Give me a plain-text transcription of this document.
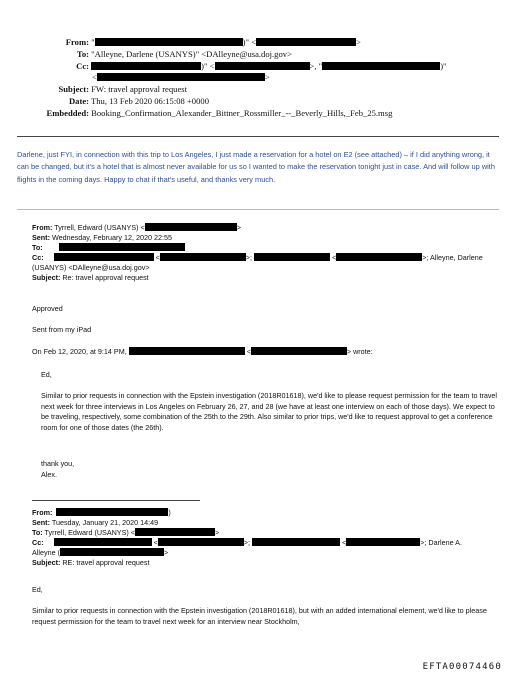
From: "	)" <	>
To: "Alleyne, Darlene (USANYS)" <DAlleyne@usa.doj.gov>
Cc:	)" <	>, "	)"
<	>
Subject: FW: travel approval request
Date: Thu, 13 Feb 2020 06:15:08 +0000
Embedded: Booking_Confirmation_Alexander_Bittner_Rossmiller_--_Beverly_Hills,_Feb_25.msg
Darlene, just FYI, in connection with this trip to Los Angeles, I just made a reservation for a hotel on E2 (see attached) – if I did anything wrong, it can be changed, but it's a hotel that is almost never available for us so I wanted to make the reservation tonight just in case. And will follow up with flights in the coming days. Happy to chat if that's useful, and thanks very much.
From: Tyrrell, Edward (USANYS) <	>
Sent: Wednesday, February 12, 2020 22:55
To:
Cc:	<	>;	<	>; Alleyne, Darlene
(USANYS) <DAlleyne@usa.doj.gov>
Subject: Re: travel approval request
Approved
Sent from my iPad
On Feb 12, 2020, at 9:14 PM,	<	> wrote:
Ed,
Similar to prior requests in connection with the Epstein investigation (2018R01618), we'd like to please request permission for the team to travel next week for three interviews in Los Angeles on February 26, 27, and 28 (we have at least one interview on each of those days). We expect to be traveling, respectively, some combination of the 25th to the 29th. Also similar to prior trips, we'd like to request approval to get a conference room for one of those dates (the 26th).
thank you,
Alex.
From:	)
Sent: Tuesday, January 21, 2020 14:49
To: Tyrrell, Edward (USANYS) <	>
Cc:	<	>;	<	>; Darlene A.
Alleyne (	>
Subject: RE: travel approval request
Ed,
Similar to prior requests in connection with the Epstein investigation (2018R01618), but with an added international element, we'd like to please request permission for the team to travel next week for an interview near Stockholm,
EFTA00074460
